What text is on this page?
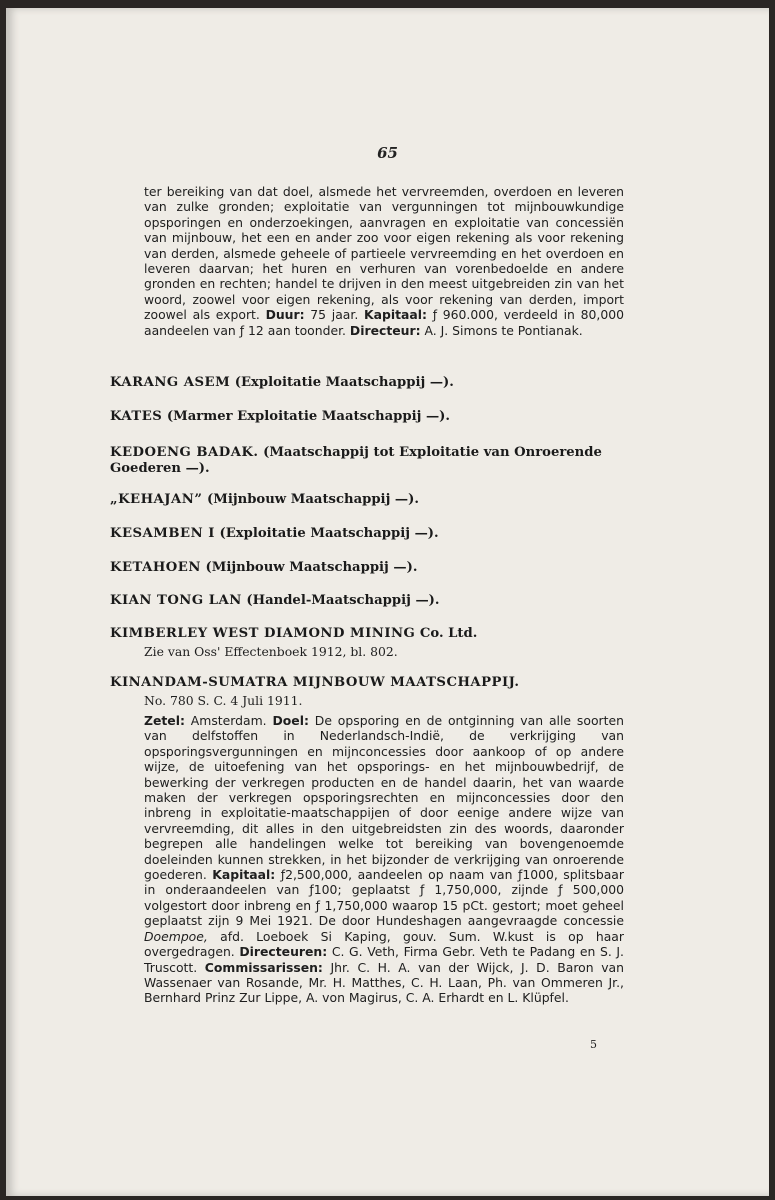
65

ter bereiking van dat doel, alsmede het vervreemden, overdoen en leveren van zulke gronden; exploitatie van vergunningen tot mijnbouwkundige opsporingen en onderzoekingen, aanvragen en exploitatie van concessiën van mijnbouw, het een en ander zoo voor eigen rekening als voor rekening van derden, alsmede geheele of partieele vervreemding en het overdoen en leveren daarvan; het huren en verhuren van vorenbedoelde en andere gronden en rechten; handel te drijven in den meest uitgebreiden zin van het woord, zoowel voor eigen rekening, als voor rekening van derden, import zoowel als export. Duur: 75 jaar. Kapitaal: ƒ 960.000, verdeeld in 80,000 aandeelen van ƒ 12 aan toonder. Directeur: A. J. Simons te Pontianak.

KARANG ASEM (Exploitatie Maatschappij —).
KATES (Marmer Exploitatie Maatschappij —).
KEDOENG BADAK. (Maatschappij tot Exploitatie van Onroerende Goederen —).
„KEHAJAN” (Mijnbouw Maatschappij —).
KESAMBEN I (Exploitatie Maatschappij —).
KETAHOEN (Mijnbouw Maatschappij —).
KIAN TONG LAN (Handel-Maatschappij —).
KIMBERLEY WEST DIAMOND MINING Co. Ltd.
Zie van Oss' Effectenboek 1912, bl. 802.
KINANDAM-SUMATRA MIJNBOUW MAATSCHAPPIJ.
No. 780 S. C. 4 Juli 1911.

Zetel: Amsterdam. Doel: De opsporing en de ontginning van alle soorten van delfstoffen in Nederlandsch-Indië, de verkrijging van opsporingsvergunningen en mijnconcessies door aankoop of op andere wijze, de uitoefening van het opsporings- en het mijnbouwbedrijf, de bewerking der verkregen producten en de handel daarin, het van waarde maken der verkregen opsporingsrechten en mijnconcessies door den inbreng in exploitatie-maatschappijen of door eenige andere wijze van vervreemding, dit alles in den uitgebreidsten zin des woords, daaronder begrepen alle handelingen welke tot bereiking van bovengenoemde doeleinden kunnen strekken, in het bijzonder de verkrijging van onroerende goederen. Kapitaal: ƒ2,500,000, aandeelen op naam van ƒ1000, splitsbaar in onderaandeelen van ƒ100; geplaatst ƒ 1,750,000, zijnde ƒ 500,000 volgestort door inbreng en ƒ 1,750,000 waarop 15 pCt. gestort; moet geheel geplaatst zijn 9 Mei 1921. De door Hundeshagen aangevraagde concessie Doempoe, afd. Loeboek Si Kaping, gouv. Sum. W.kust is op haar overgedragen. Directeuren: C. G. Veth, Firma Gebr. Veth te Padang en S. J. Truscott. Commissarissen: Jhr. C. H. A. van der Wijck, J. D. Baron van Wassenaer van Rosande, Mr. H. Matthes, C. H. Laan, Ph. van Ommeren Jr., Bernhard Prinz Zur Lippe, A. von Magirus, C. A. Erhardt en L. Klüpfel.

5
